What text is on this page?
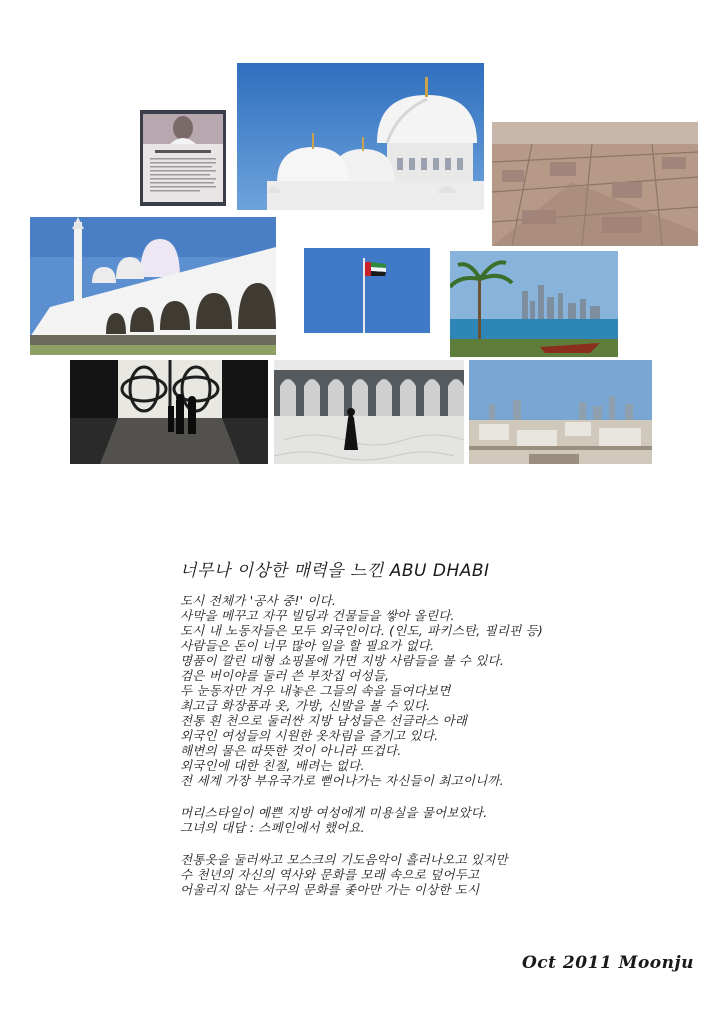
너무나 이상한 매력을 느낀 ABU DHABI
도시 전체가 '공사 중!' 이다.
사막을 메꾸고 자꾸 빌딩과 건물들을 쌓아 올린다.
도시 내 노동자들은 모두 외국인이다. (인도, 파키스탄, 필리핀 등)
사람들은 돈이 너무 많아 일을 할 필요가 없다.
명품이 깔린 대형 쇼핑몰에 가면 지방 사람들을 볼 수 있다.
검은 버이야를 둘러 쓴 부잣집 여성들,
두 눈동자만 겨우 내놓은 그들의 속을 들여다보면
최고급 화장품과 옷, 가방, 신발을 볼 수 있다.
전통 흰 천으로 둘러싼 지방 남성들은 선글라스 아래
외국인 여성들의 시원한 옷차림을 즐기고 있다.
해변의 물은 따뜻한 것이 아니라 뜨겁다.
외국인에 대한 친절, 배려는 없다.
전 세계 가장 부유국가로 뻗어나가는 자신들이 최고이니까.
머리스타일이 예쁜 지방 여성에게 미용실을 물어보았다.
그녀의 대답 : 스페인에서 했어요.
전통옷을 둘러싸고 모스크의 기도음악이 흘러나오고 있지만
수 천년의 자신의 역사와 문화를 모래 속으로 덮어두고
어울리지 않는 서구의 문화를 좇아만 가는 이상한 도시
Oct 2011 Moonju
